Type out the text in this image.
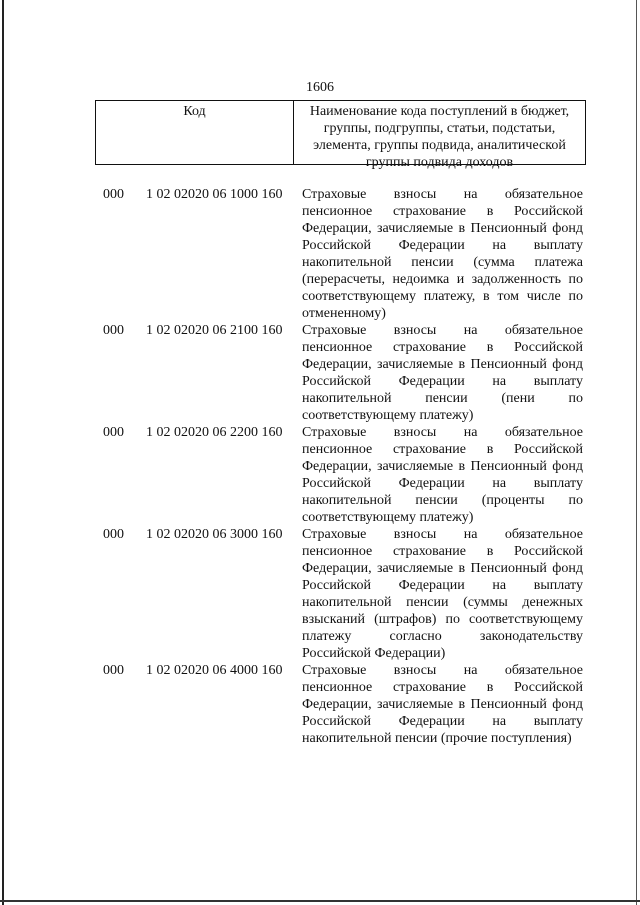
1606
Код	Наименование кода поступлений в бюджет, группы, подгруппы, статьи, подстатьи, элемента, группы подвида, аналитической группы подвида доходов
000 1 02 02020 06 1000 160 Страховые взносы на обязательное пенсионное страхование в Российской Федерации, зачисляемые в Пенсионный фонд Российской Федерации на выплату накопительной пенсии (сумма платежа (перерасчеты, недоимка и задолженность по соответствующему платежу, в том числе по отмененному)
000 1 02 02020 06 2100 160 Страховые взносы на обязательное пенсионное страхование в Российской Федерации, зачисляемые в Пенсионный фонд Российской Федерации на выплату накопительной пенсии (пени по соответствующему платежу)
000 1 02 02020 06 2200 160 Страховые взносы на обязательное пенсионное страхование в Российской Федерации, зачисляемые в Пенсионный фонд Российской Федерации на выплату накопительной пенсии (проценты по соответствующему платежу)
000 1 02 02020 06 3000 160 Страховые взносы на обязательное пенсионное страхование в Российской Федерации, зачисляемые в Пенсионный фонд Российской Федерации на выплату накопительной пенсии (суммы денежных взысканий (штрафов) по соответствующему платежу согласно законодательству Российской Федерации)
000 1 02 02020 06 4000 160 Страховые взносы на обязательное пенсионное страхование в Российской Федерации, зачисляемые в Пенсионный фонд Российской Федерации на выплату накопительной пенсии (прочие поступления)
